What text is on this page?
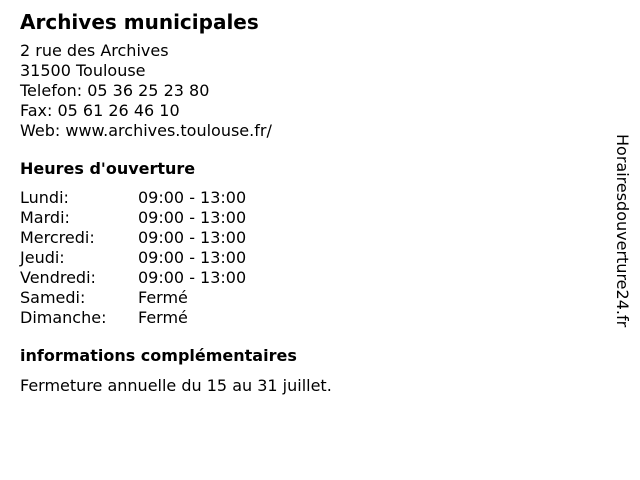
Archives municipales
2 rue des Archives
31500 Toulouse
Telefon: 05 36 25 23 80
Fax: 05 61 26 46 10
Web: www.archives.toulouse.fr/
Heures d'ouverture
Lundi:	09:00 - 13:00
Mardi:	09:00 - 13:00
Mercredi:	09:00 - 13:00
Jeudi:	09:00 - 13:00
Vendredi:	09:00 - 13:00
Samedi:	Fermé
Dimanche:	Fermé
informations complémentaires
Fermeture annuelle du 15 au 31 juillet.
Horairesdouverture24.fr
